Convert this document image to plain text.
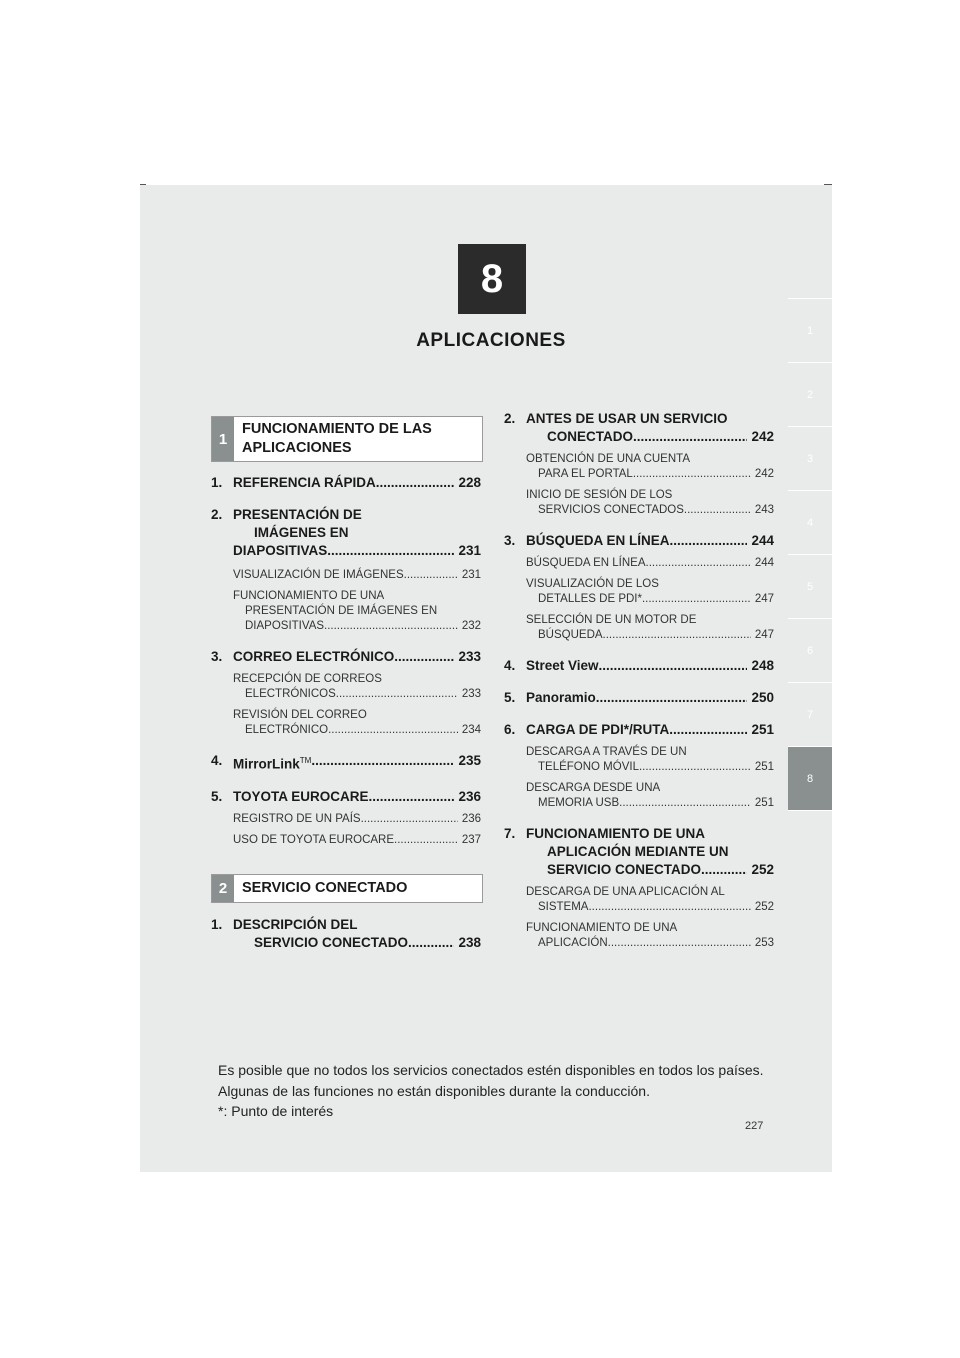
8
APLICACIONES	1
2
3
4
5
6
7
8
1
FUNCIONAMIENTO DE LAS
APLICACIONES
1. REFERENCIA RÁPIDA .....	228
2. PRESENTACIÓN DE
IMÁGENES EN
DIAPOSITIVAS .....	231
VISUALIZACIÓN DE IMÁGENES .....	231
FUNCIONAMIENTO DE UNA
PRESENTACIÓN DE IMÁGENES EN
DIAPOSITIVAS .....	232
3. CORREO ELECTRÓNICO .....	233
RECEPCIÓN DE CORREOS
ELECTRÓNICOS .....	233
REVISIÓN DEL CORREO
ELECTRÓNICO .....	234
4. MirrorLink™ .....	235
5. TOYOTA EUROCARE .....	236
REGISTRO DE UN PAÍS .....	236
USO DE TOYOTA EUROCARE .....	237
2	SERVICIO CONECTADO
1. DESCRIPCIÓN DEL
SERVICIO CONECTADO .....	238
2. ANTES DE USAR UN SERVICIO
CONECTADO .....	242
OBTENCIÓN DE UNA CUENTA
PARA EL PORTAL .....	242
INICIO DE SESIÓN DE LOS
SERVICIOS CONECTADOS .....	243
3. BÚSQUEDA EN LÍNEA .....	244
BÚSQUEDA EN LÍNEA .....	244
VISUALIZACIÓN DE LOS
DETALLES DE PDI* .....	247
SELECCIÓN DE UN MOTOR DE
BÚSQUEDA .....	247
4. Street View .....	248
5. Panoramio .....	250
6. CARGA DE PDI*/RUTA .....	251
DESCARGA A TRAVÉS DE UN
TELÉFONO MÓVIL .....	251
DESCARGA DESDE UNA
MEMORIA USB .....	251
7. FUNCIONAMIENTO DE UNA
APLICACIÓN MEDIANTE UN
SERVICIO CONECTADO .....	252
DESCARGA DE UNA APLICACIÓN AL
SISTEMA .....	252
FUNCIONAMIENTO DE UNA
APLICACIÓN .....	253
Es posible que no todos los servicios conectados estén disponibles en todos los países.
Algunas de las funciones no están disponibles durante la conducción.
*: Punto de interés
227
